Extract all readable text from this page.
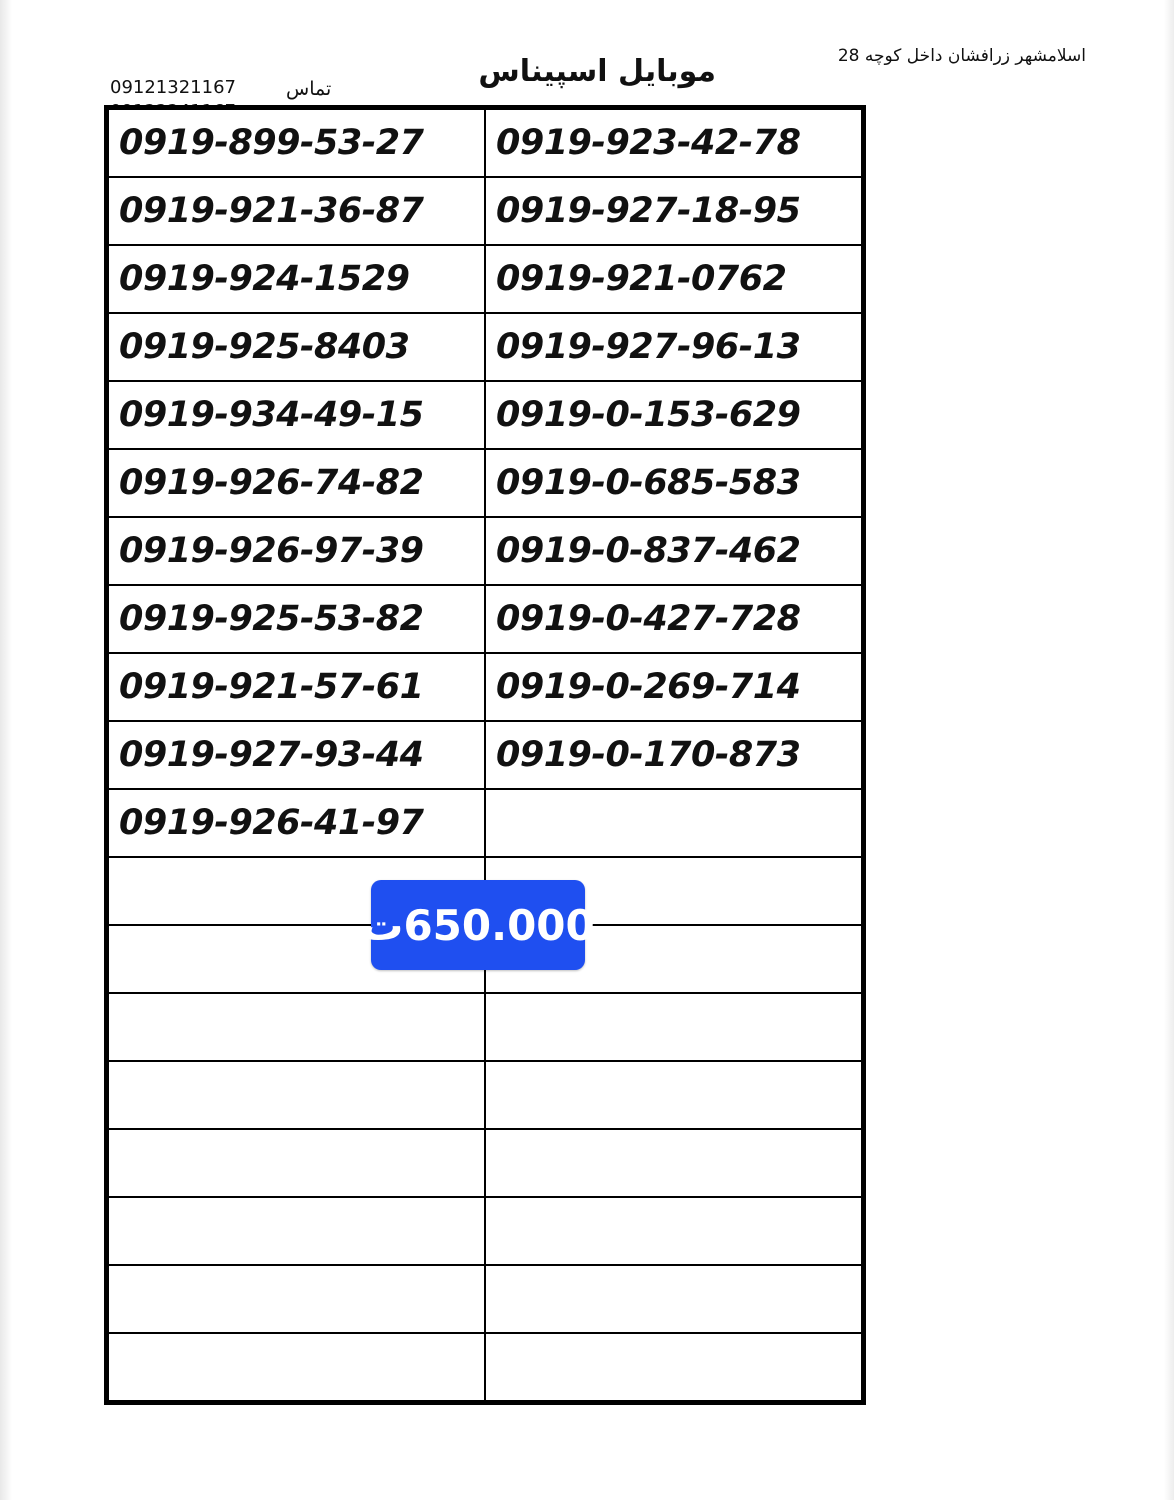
اسلامشهر زرافشان داخل کوچه 28
موبایل اسپیناس
تماس
09121321167
0919-899-53-27	0919-923-42-78
0919-921-36-87	0919-927-18-95
0919-924-1529	0919-921-0762
0919-925-8403	0919-927-96-13
0919-934-49-15	0919-0-153-629
0919-926-74-82	0919-0-685-583
0919-926-97-39	0919-0-837-462
0919-925-53-82	0919-0-427-728
0919-921-57-61	0919-0-269-714
0919-927-93-44	0919-0-170-873
0919-926-41-97	

650.000ت
